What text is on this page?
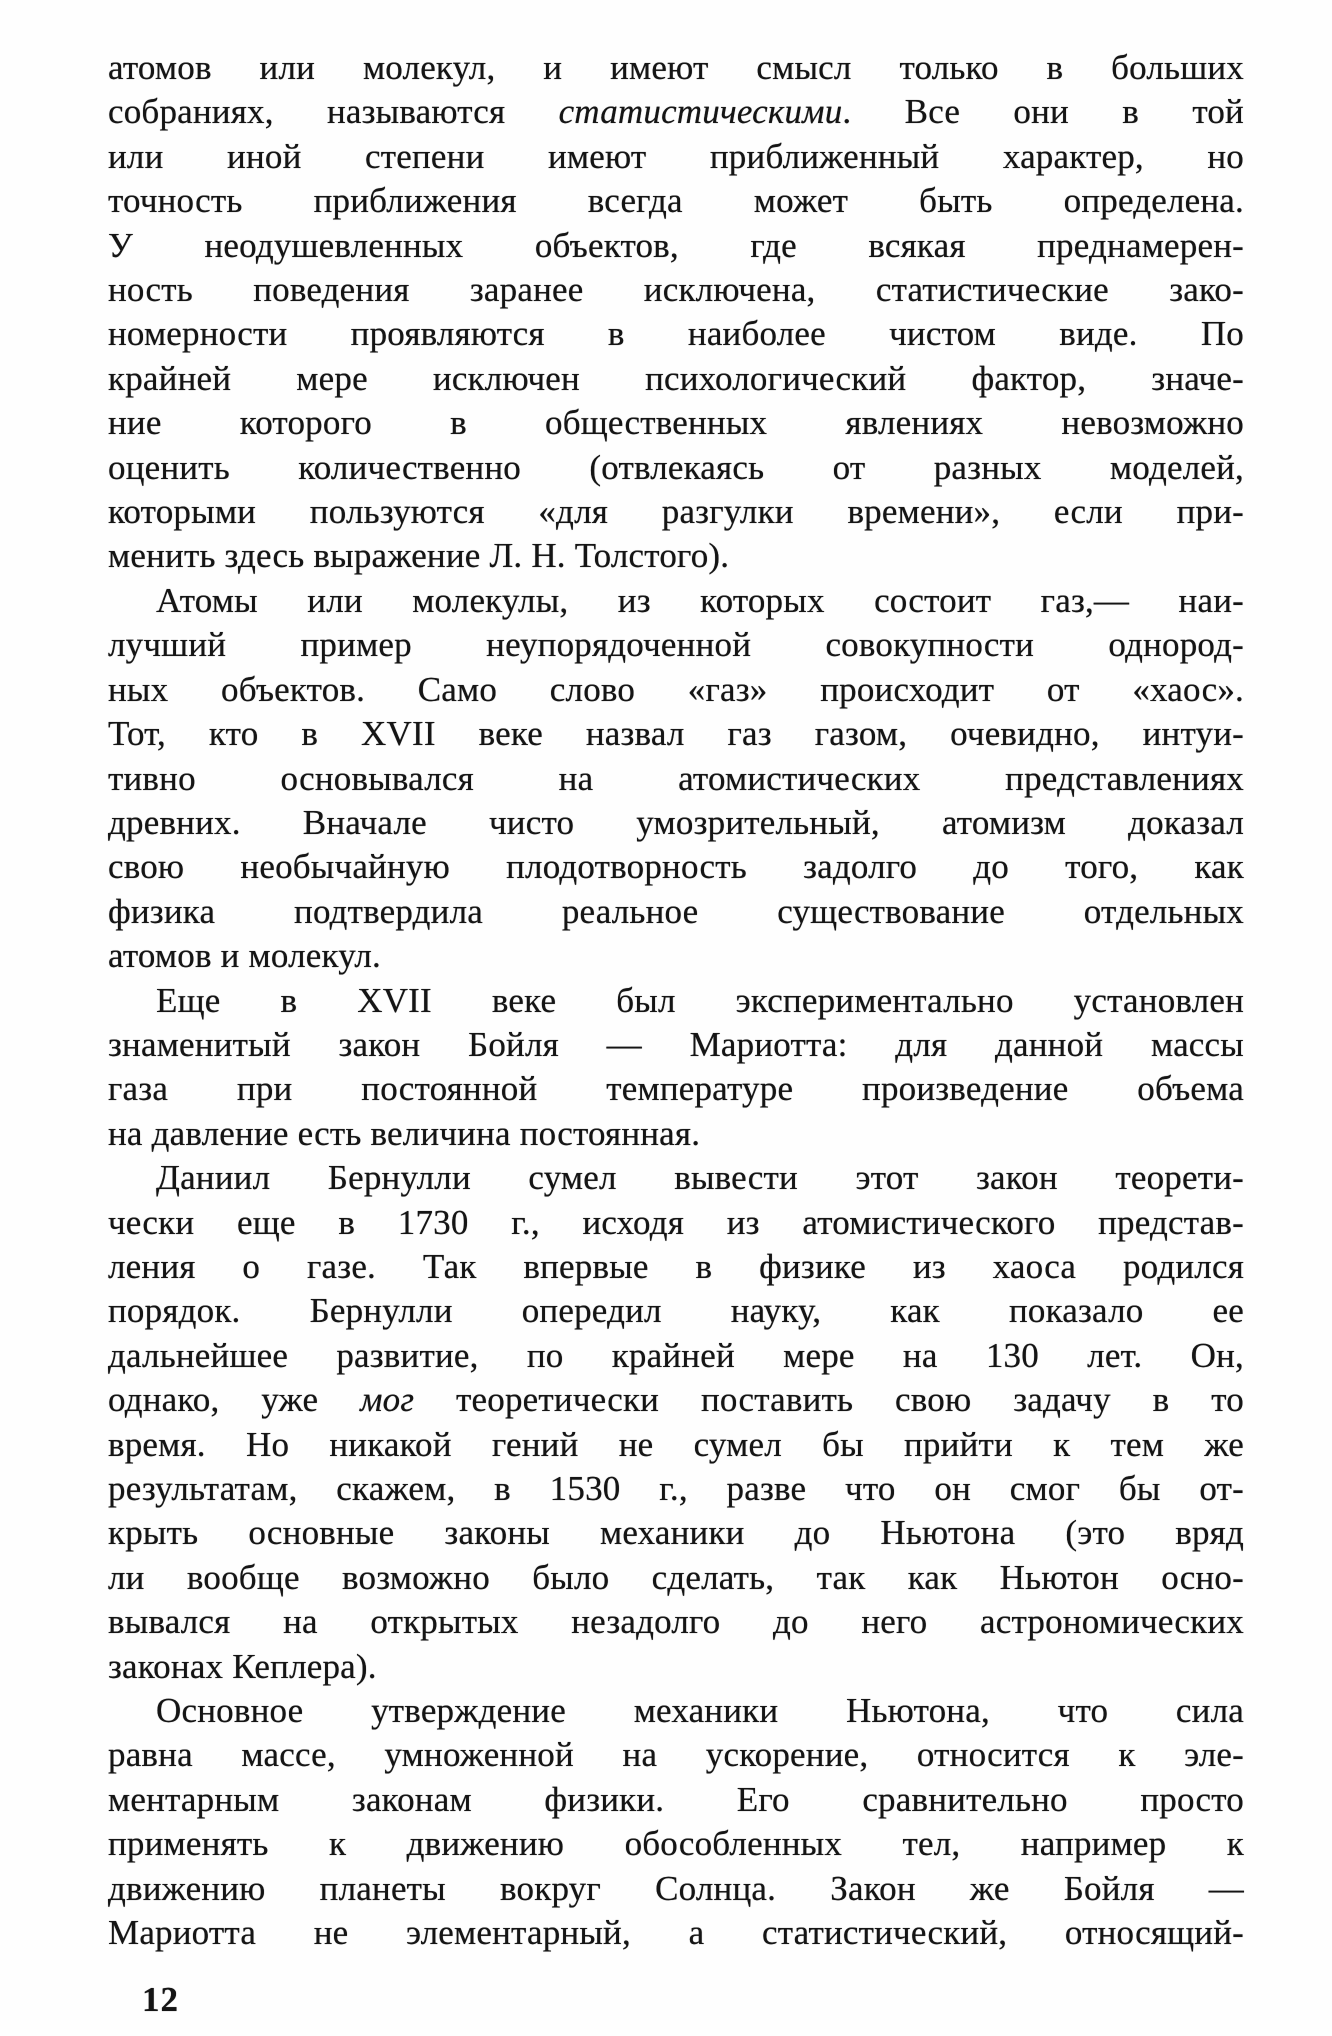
атомов или молекул, и имеют смысл только в больших
собраниях, называются статистическими. Все они в той
или иной степени имеют приближенный характер, но
точность приближения всегда может быть определена.
У неодушевленных объектов, где всякая преднамерен-
ность поведения заранее исключена, статистические зако-
номерности проявляются в наиболее чистом виде. По
крайней мере исключен психологический фактор, значе-
ние которого в общественных явлениях невозможно
оценить количественно (отвлекаясь от разных моделей,
которыми пользуются «для разгулки времени», если при-
менить здесь выражение Л. Н. Толстого).
Атомы или молекулы, из которых состоит газ,— наи-
лучший пример неупорядоченной совокупности однород-
ных объектов. Само слово «газ» происходит от «хаос».
Тот, кто в XVII веке назвал газ газом, очевидно, интуи-
тивно основывался на атомистических представлениях
древних. Вначале чисто умозрительный, атомизм доказал
свою необычайную плодотворность задолго до того, как
физика подтвердила реальное существование отдельных
атомов и молекул.
Еще в XVII веке был экспериментально установлен
знаменитый закон Бойля — Мариотта: для данной массы
газа при постоянной температуре произведение объема
на давление есть величина постоянная.
Даниил Бернулли сумел вывести этот закон теорети-
чески еще в 1730 г., исходя из атомистического представ-
ления о газе. Так впервые в физике из хаоса родился
порядок. Бернулли опередил науку, как показало ее
дальнейшее развитие, по крайней мере на 130 лет. Он,
однако, уже мог теоретически поставить свою задачу в то
время. Но никакой гений не сумел бы прийти к тем же
результатам, скажем, в 1530 г., разве что он смог бы от-
крыть основные законы механики до Ньютона (это вряд
ли вообще возможно было сделать, так как Ньютон осно-
вывался на открытых незадолго до него астрономических
законах Кеплера).
Основное утверждение механики Ньютона, что сила
равна массе, умноженной на ускорение, относится к эле-
ментарным законам физики. Его сравнительно просто
применять к движению обособленных тел, например к
движению планеты вокруг Солнца. Закон же Бойля —
Мариотта не элементарный, а статистический, относящий-
12
